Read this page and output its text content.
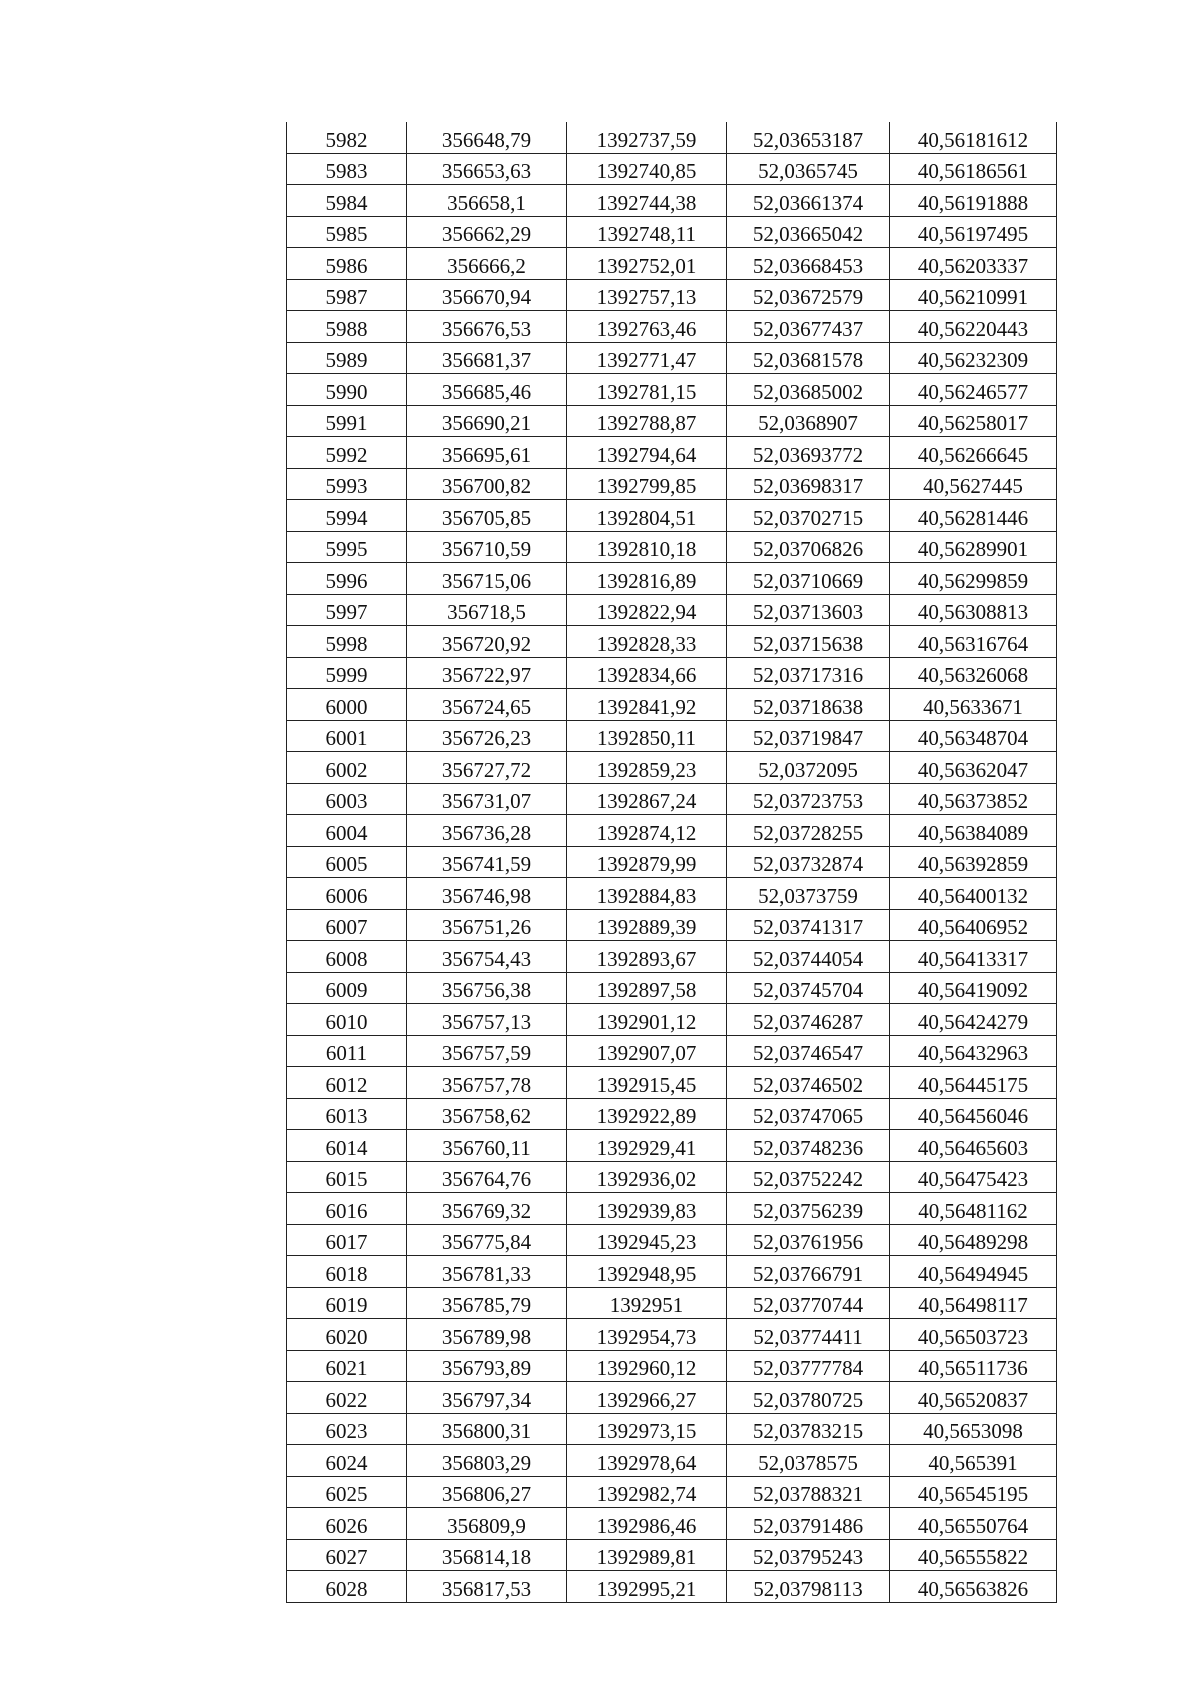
5982	356648,79	1392737,59	52,03653187	40,56181612
5983	356653,63	1392740,85	52,0365745	40,56186561
5984	356658,1	1392744,38	52,03661374	40,56191888
5985	356662,29	1392748,11	52,03665042	40,56197495
5986	356666,2	1392752,01	52,03668453	40,56203337
5987	356670,94	1392757,13	52,03672579	40,56210991
5988	356676,53	1392763,46	52,03677437	40,56220443
5989	356681,37	1392771,47	52,03681578	40,56232309
5990	356685,46	1392781,15	52,03685002	40,56246577
5991	356690,21	1392788,87	52,0368907	40,56258017
5992	356695,61	1392794,64	52,03693772	40,56266645
5993	356700,82	1392799,85	52,03698317	40,5627445
5994	356705,85	1392804,51	52,03702715	40,56281446
5995	356710,59	1392810,18	52,03706826	40,56289901
5996	356715,06	1392816,89	52,03710669	40,56299859
5997	356718,5	1392822,94	52,03713603	40,56308813
5998	356720,92	1392828,33	52,03715638	40,56316764
5999	356722,97	1392834,66	52,03717316	40,56326068
6000	356724,65	1392841,92	52,03718638	40,5633671
6001	356726,23	1392850,11	52,03719847	40,56348704
6002	356727,72	1392859,23	52,0372095	40,56362047
6003	356731,07	1392867,24	52,03723753	40,56373852
6004	356736,28	1392874,12	52,03728255	40,56384089
6005	356741,59	1392879,99	52,03732874	40,56392859
6006	356746,98	1392884,83	52,0373759	40,56400132
6007	356751,26	1392889,39	52,03741317	40,56406952
6008	356754,43	1392893,67	52,03744054	40,56413317
6009	356756,38	1392897,58	52,03745704	40,56419092
6010	356757,13	1392901,12	52,03746287	40,56424279
6011	356757,59	1392907,07	52,03746547	40,56432963
6012	356757,78	1392915,45	52,03746502	40,56445175
6013	356758,62	1392922,89	52,03747065	40,56456046
6014	356760,11	1392929,41	52,03748236	40,56465603
6015	356764,76	1392936,02	52,03752242	40,56475423
6016	356769,32	1392939,83	52,03756239	40,56481162
6017	356775,84	1392945,23	52,03761956	40,56489298
6018	356781,33	1392948,95	52,03766791	40,56494945
6019	356785,79	1392951	52,03770744	40,56498117
6020	356789,98	1392954,73	52,03774411	40,56503723
6021	356793,89	1392960,12	52,03777784	40,56511736
6022	356797,34	1392966,27	52,03780725	40,56520837
6023	356800,31	1392973,15	52,03783215	40,5653098
6024	356803,29	1392978,64	52,0378575	40,565391
6025	356806,27	1392982,74	52,03788321	40,56545195
6026	356809,9	1392986,46	52,03791486	40,56550764
6027	356814,18	1392989,81	52,03795243	40,56555822
6028	356817,53	1392995,21	52,03798113	40,56563826
